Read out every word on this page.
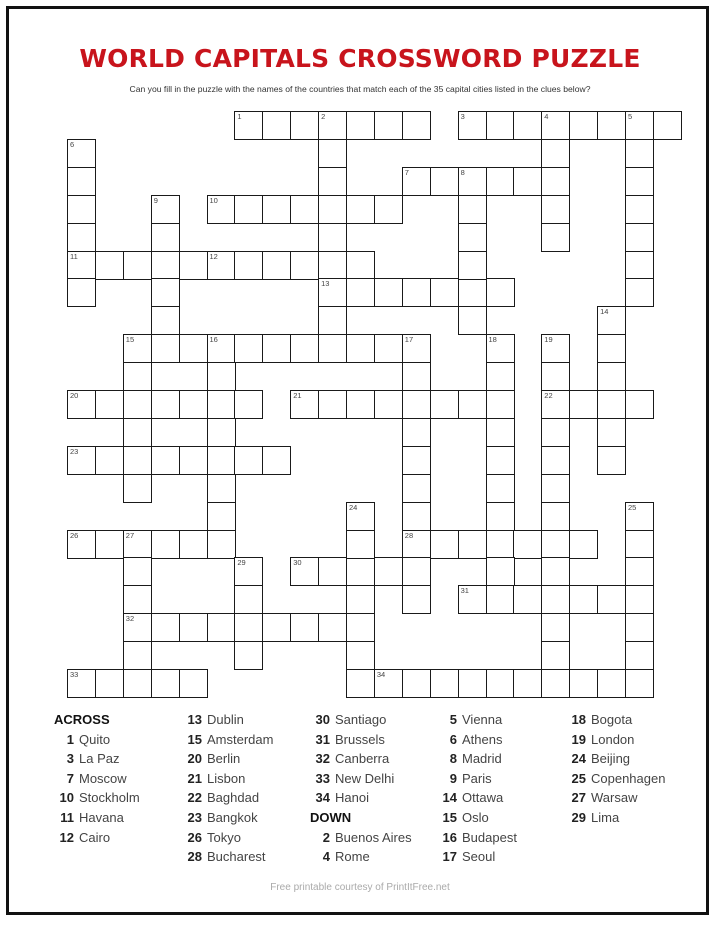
WORLD CAPITALS CROSSWORD PUZZLE

Can you fill in the puzzle with the names of the countries that match each of the 35 capital cities listed in the clues below?

1	2	3	4	5
7	8
10
11	12
13
15	16	17
20	21	22
23
26	27	28
30
31
32
33	34
6
9
14
18	19
24	25
29
ACROSS
DOWN
1 Quito
3 La Paz
7 Moscow
10 Stockholm
11 Havana
12 Cairo
13 Dublin
15 Amsterdam
20 Berlin
21 Lisbon
22 Baghdad
23 Bangkok
26 Tokyo
28 Bucharest
30 Santiago
31 Brussels
32 Canberra
33 New Delhi
34 Hanoi
2 Buenos Aires
4 Rome
5 Vienna
6 Athens
8 Madrid
9 Paris
14 Ottawa
15 Oslo
16 Budapest
17 Seoul
18 Bogota
19 London
24 Beijing
25 Copenhagen
27 Warsaw
29 Lima

Free printable courtesy of PrintItFree.net
